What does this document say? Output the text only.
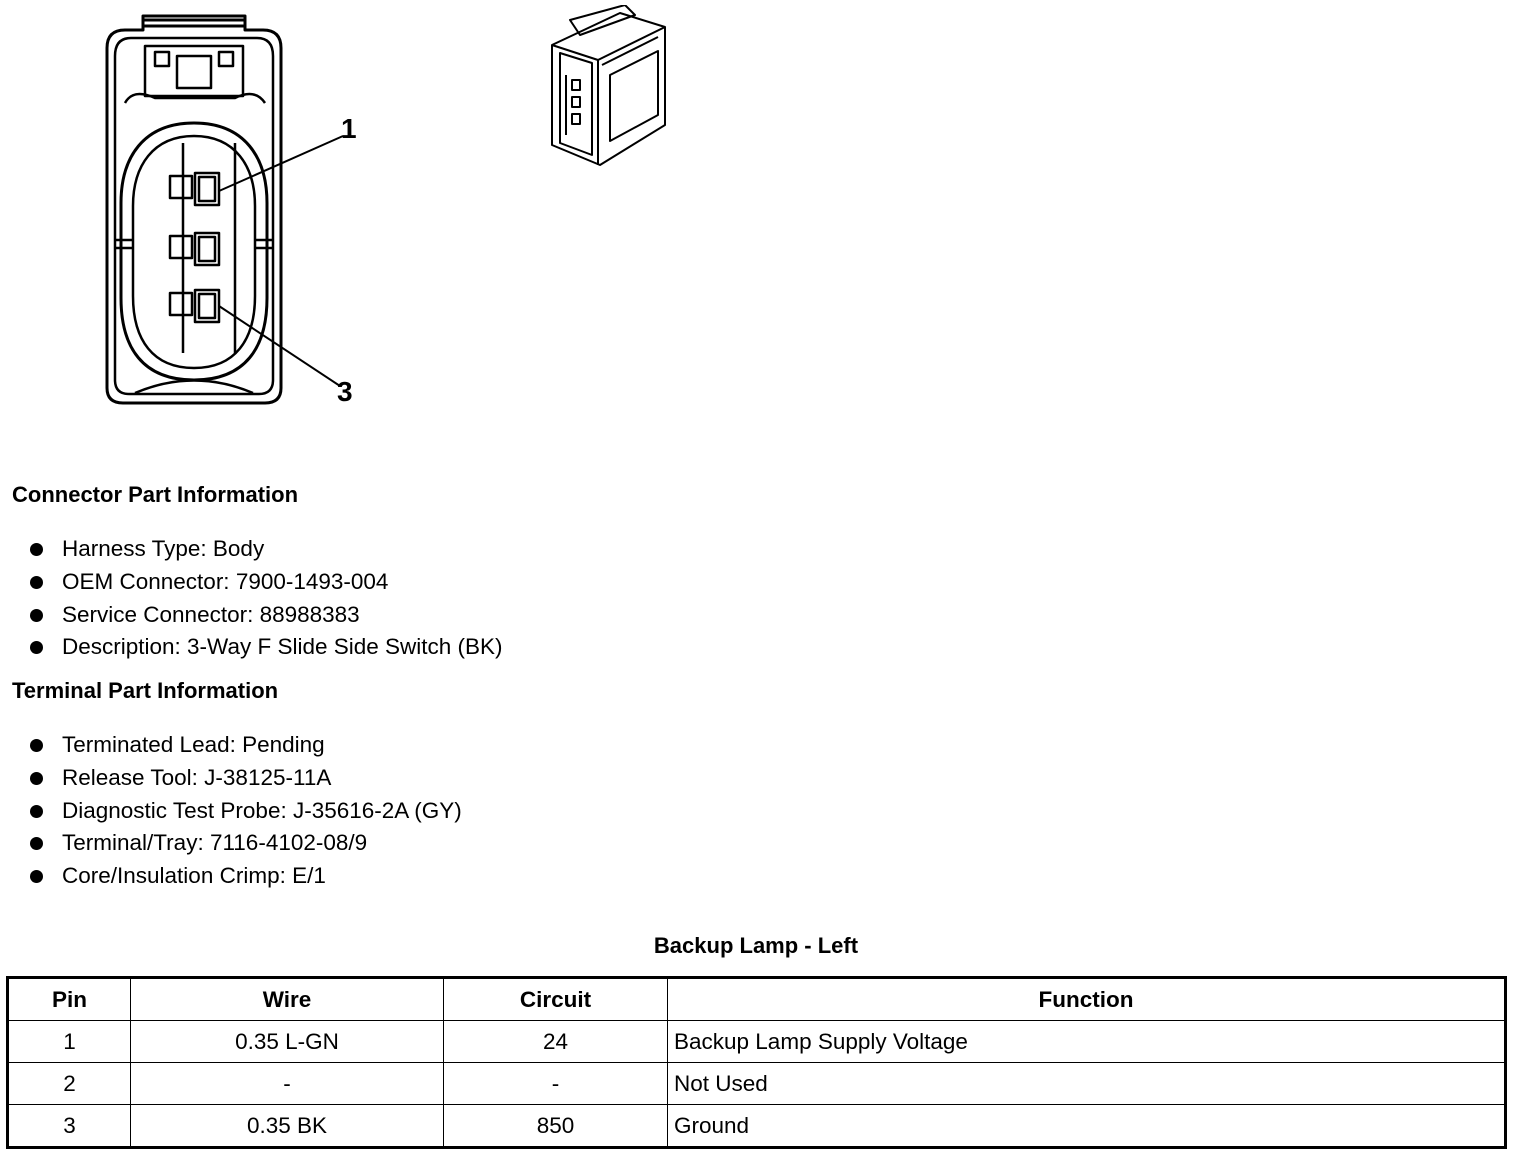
1
3
Connector Part Information
Harness Type: Body
OEM Connector: 7900-1493-004
Service Connector: 88988383
Description: 3-Way F Slide Side Switch (BK)
Terminal Part Information
Terminated Lead: Pending
Release Tool: J-38125-11A
Diagnostic Test Probe: J-35616-2A (GY)
Terminal/Tray: 7116-4102-08/9
Core/Insulation Crimp: E/1
Backup Lamp - Left
Pin	Wire	Circuit	Function
1	0.35 L-GN	24	Backup Lamp Supply Voltage
2	-	-	Not Used
3	0.35 BK	850	Ground
